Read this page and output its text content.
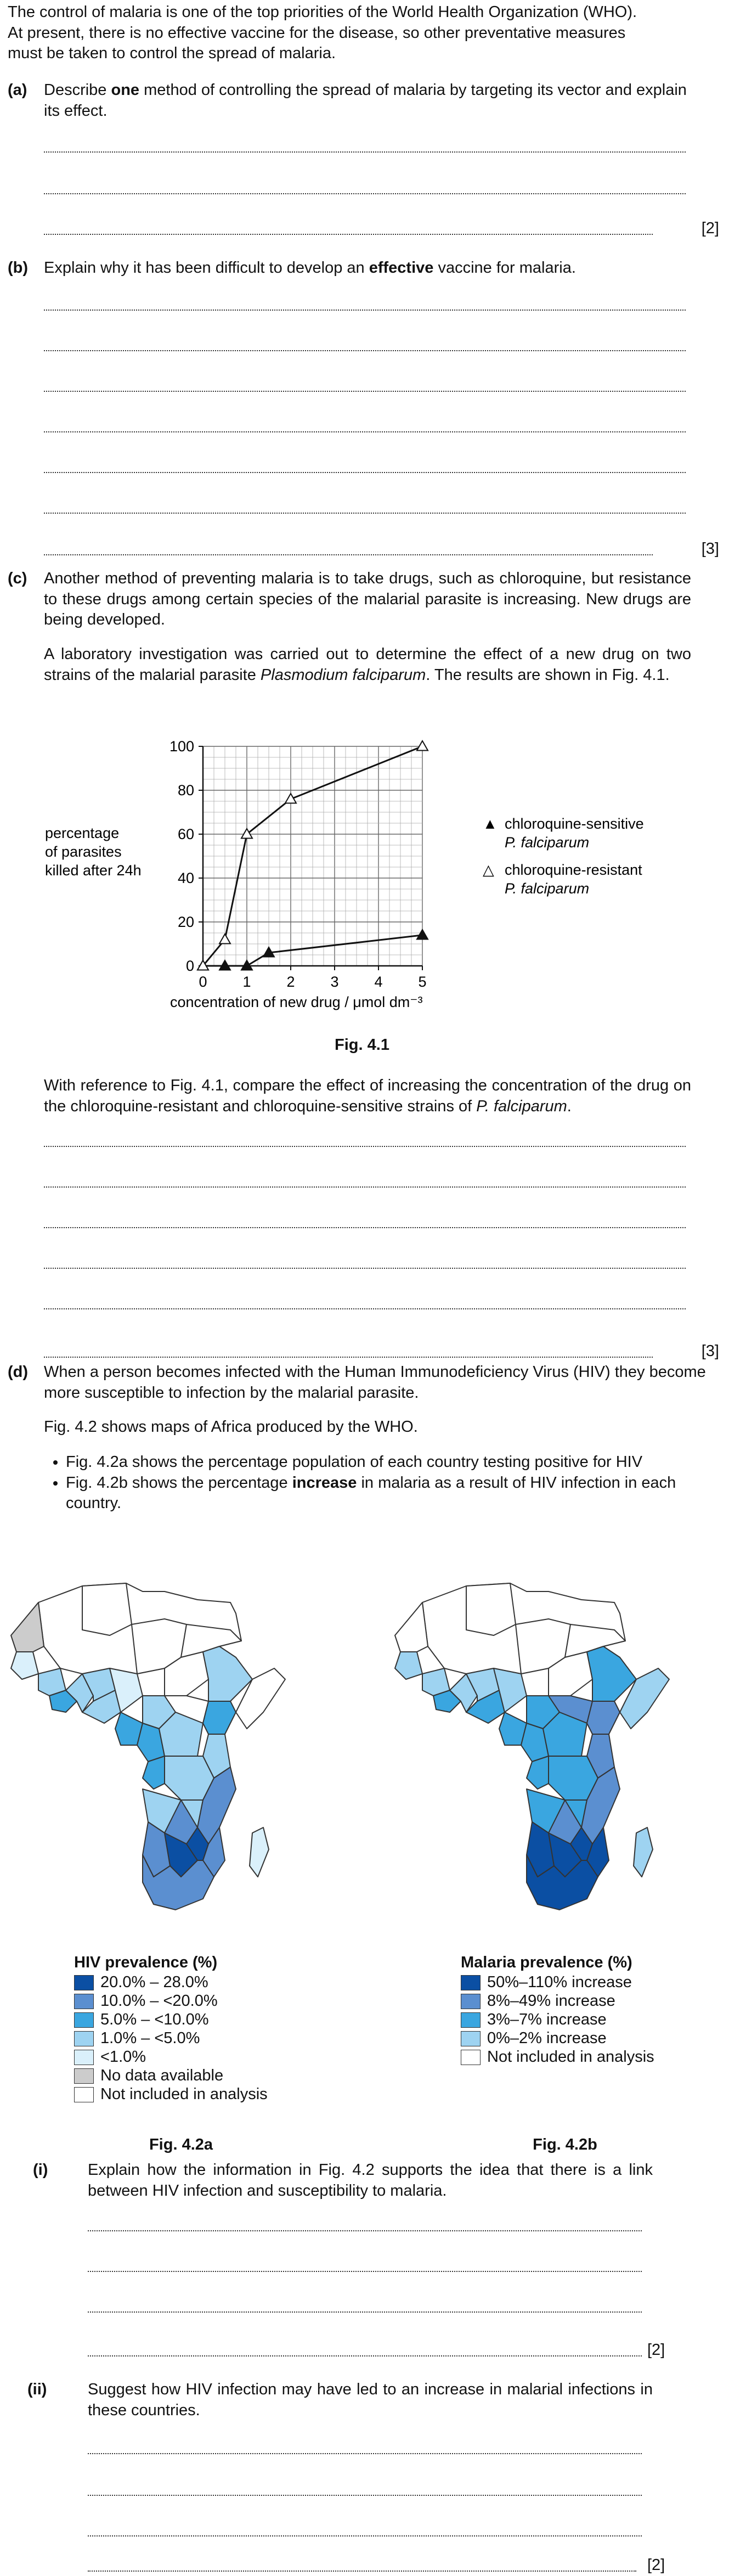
The control of malaria is one of the top priorities of the World Health Organization (WHO).

At present, there is no effective vaccine for the disease, so other preventative measures

must be taken to control the spread of malaria.

(a) Describe one method of controlling the spread of malaria by targeting its vector and explain its effect.
[2]
(b) Explain why it has been difficult to develop an effective vaccine for malaria.
[3]
(c) Another method of preventing malaria is to take drugs, such as chloroquine, but resistance to these drugs among certain species of the malarial parasite is increasing. New drugs are being developed.
A laboratory investigation was carried out to determine the effect of a new drug on two strains of the malarial parasite Plasmodium falciparum. The results are shown in Fig. 4.1.
0 1 2 3 4 5
0
20
40
60
80
100
percentage
of parasites
killed after 24h
concentration of new drug / μmol dm⁻³
▲ chloroquine-sensitive
P. falciparum
△ chloroquine-resistant
P. falciparum
Fig. 4.1
With reference to Fig. 4.1, compare the effect of increasing the concentration of the drug on the chloroquine-resistant and chloroquine-sensitive strains of P. falciparum.
[3]
(d) When a person becomes infected with the Human Immunodeficiency Virus (HIV) they become more susceptible to infection by the malarial parasite.
Fig. 4.2 shows maps of Africa produced by the WHO.
• Fig. 4.2a shows the percentage population of each country testing positive for HIV
• Fig. 4.2b shows the percentage increase in malaria as a result of HIV infection in each country.
HIV prevalence (%)
20.0% – 28.0%
10.0% – <20.0%
5.0% – <10.0%
1.0% – <5.0%
<1.0%
No data available
Not included in analysis
Fig. 4.2a
Malaria prevalence (%)
50%–110% increase
8%–49% increase
3%–7% increase
0%–2% increase
Not included in analysis
Fig. 4.2b
(i)	Explain how the information in Fig. 4.2 supports the idea that there is a link between HIV infection and susceptibility to malaria.
[2]
(ii)	Suggest how HIV infection may have led to an increase in malarial infections in these countries.
[2]
